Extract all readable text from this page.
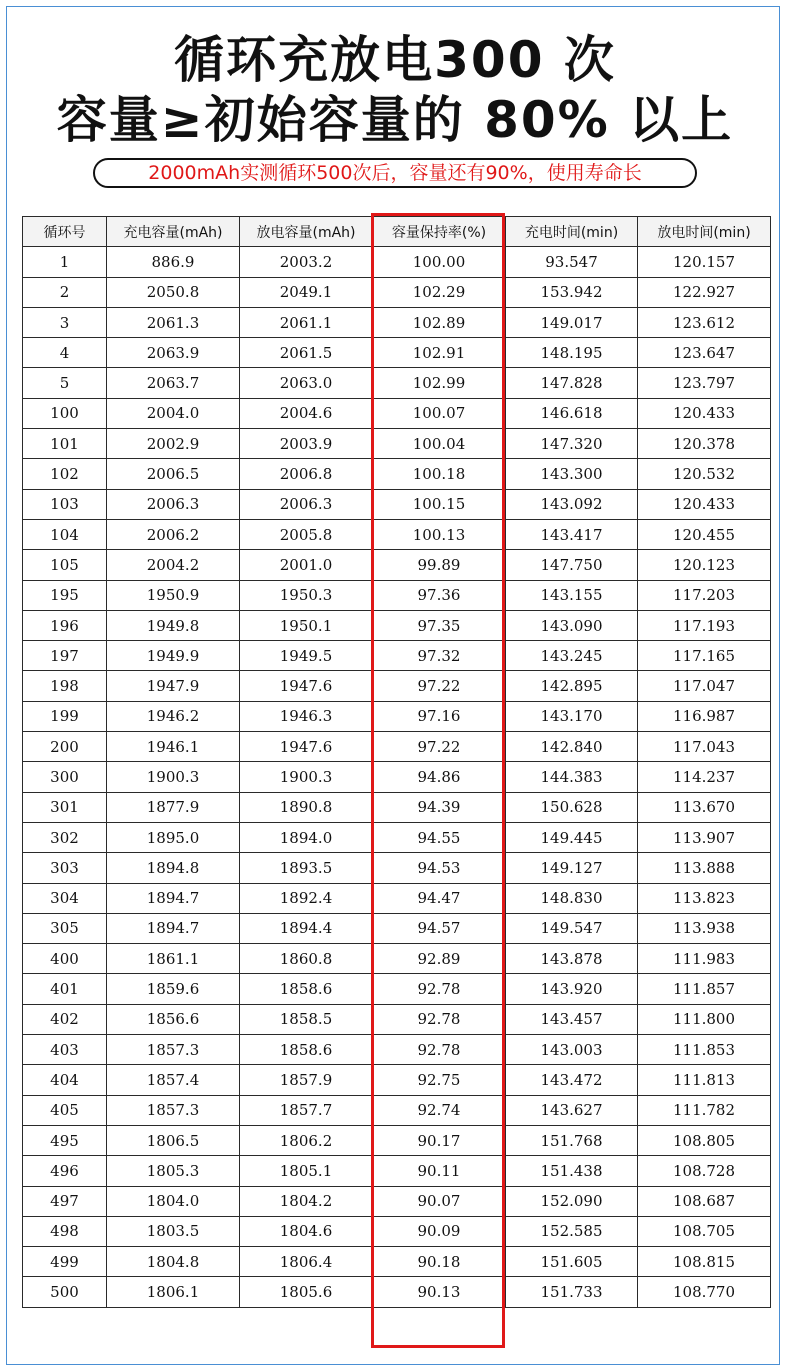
循环充放电300 次
容量≥初始容量的 80% 以上
2000mAh实测循环500次后，容量还有90%，使用寿命长
循环号	充电容量(mAh)	放电容量(mAh)	容量保持率(%)	充电时间(min)	放电时间(min)
1	886.9	2003.2	100.00	93.547	120.157
2	2050.8	2049.1	102.29	153.942	122.927
3	2061.3	2061.1	102.89	149.017	123.612
4	2063.9	2061.5	102.91	148.195	123.647
5	2063.7	2063.0	102.99	147.828	123.797
100	2004.0	2004.6	100.07	146.618	120.433
101	2002.9	2003.9	100.04	147.320	120.378
102	2006.5	2006.8	100.18	143.300	120.532
103	2006.3	2006.3	100.15	143.092	120.433
104	2006.2	2005.8	100.13	143.417	120.455
105	2004.2	2001.0	99.89	147.750	120.123
195	1950.9	1950.3	97.36	143.155	117.203
196	1949.8	1950.1	97.35	143.090	117.193
197	1949.9	1949.5	97.32	143.245	117.165
198	1947.9	1947.6	97.22	142.895	117.047
199	1946.2	1946.3	97.16	143.170	116.987
200	1946.1	1947.6	97.22	142.840	117.043
300	1900.3	1900.3	94.86	144.383	114.237
301	1877.9	1890.8	94.39	150.628	113.670
302	1895.0	1894.0	94.55	149.445	113.907
303	1894.8	1893.5	94.53	149.127	113.888
304	1894.7	1892.4	94.47	148.830	113.823
305	1894.7	1894.4	94.57	149.547	113.938
400	1861.1	1860.8	92.89	143.878	111.983
401	1859.6	1858.6	92.78	143.920	111.857
402	1856.6	1858.5	92.78	143.457	111.800
403	1857.3	1858.6	92.78	143.003	111.853
404	1857.4	1857.9	92.75	143.472	111.813
405	1857.3	1857.7	92.74	143.627	111.782
495	1806.5	1806.2	90.17	151.768	108.805
496	1805.3	1805.1	90.11	151.438	108.728
497	1804.0	1804.2	90.07	152.090	108.687
498	1803.5	1804.6	90.09	152.585	108.705
499	1804.8	1806.4	90.18	151.605	108.815
500	1806.1	1805.6	90.13	151.733	108.770
